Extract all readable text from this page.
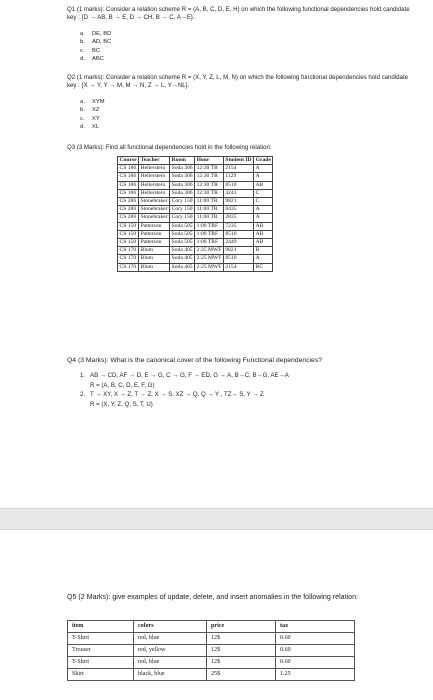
Q1 (1 marks): Consider a relation scheme R = (A, B, C, D, E, H) on which the following functional dependencies hold candidate key : {D → AB, B → E, D → CH, B → C, A→E}.

a. DE, BD
b. AD, BC
c. BC
d. ABC

Q2 (1 marks): Consider a relation scheme R = (X, Y, Z, L, M, N) on which the following functional dependencies hold candidate key : {X → Y, Y → M, M → N, Z → L, Y→NL}.

a. XYM
b. XZ
c. XY
d. XL
Q3 (3 Marks): Find all functional dependencies hold in the following relation:
Course	Teacher	Room	Hour	Student ID	Grade
CS 186	Hellerstein	Soda 306	12:30 TR	2154	A
CS 186	Hellerstein	Soda 306	12:30 TR	1129	A
CS 186	Hellerstein	Soda 306	12:30 TR	8510	AB
CS 186	Hellerstein	Soda 306	12:30 TR	4243	C
CS 286	Stonebraker	Cory 150	11:00 TR	9821	C
CS 286	Stonebraker	Cory 150	11:00 TR	8435	A
CS 286	Stonebraker	Cory 150	11:00 TR	2835	A
CS 150	Patterson	Soda 505	1:00 TRF	7235	AB
CS 150	Patterson	Soda 505	1:00 TRF	8510	AB
CS 150	Patterson	Soda 505	1:00 TRF	2449	AB
CS 170	Blum	Soda 405	2:25 MWF	9821	B
CS 170	Blum	Soda 405	2:25 MWF	8510	A
CS 170	Blum	Soda 405	2:25 MWF	2154	BC
Q4 (3 Marks): What is the canonical cover of the following Functional dependencies?
1. AB → CD, AF → D, E → G, C → G, F → ED, G → A, B→C, B→G, AE→A
R = (A, B, C, D, E, F, G)
2. T → XY, X → Z, T → Z, X → S, XZ → Q, Q → Y , TZ→ S, Y → Z
R = (X, Y, Z, Q, S, T, U)

Q5 (2 Marks): give examples of update, delete, and insert anomalies in the following relation:

item	colors	price	tax
T-Shirt	red, blue	12$	0.60
Trouser	red, yellow	12$	0.60
T-Shirt	red, blue	12$	0.60
Skirt	black, blue	25$	1.25
